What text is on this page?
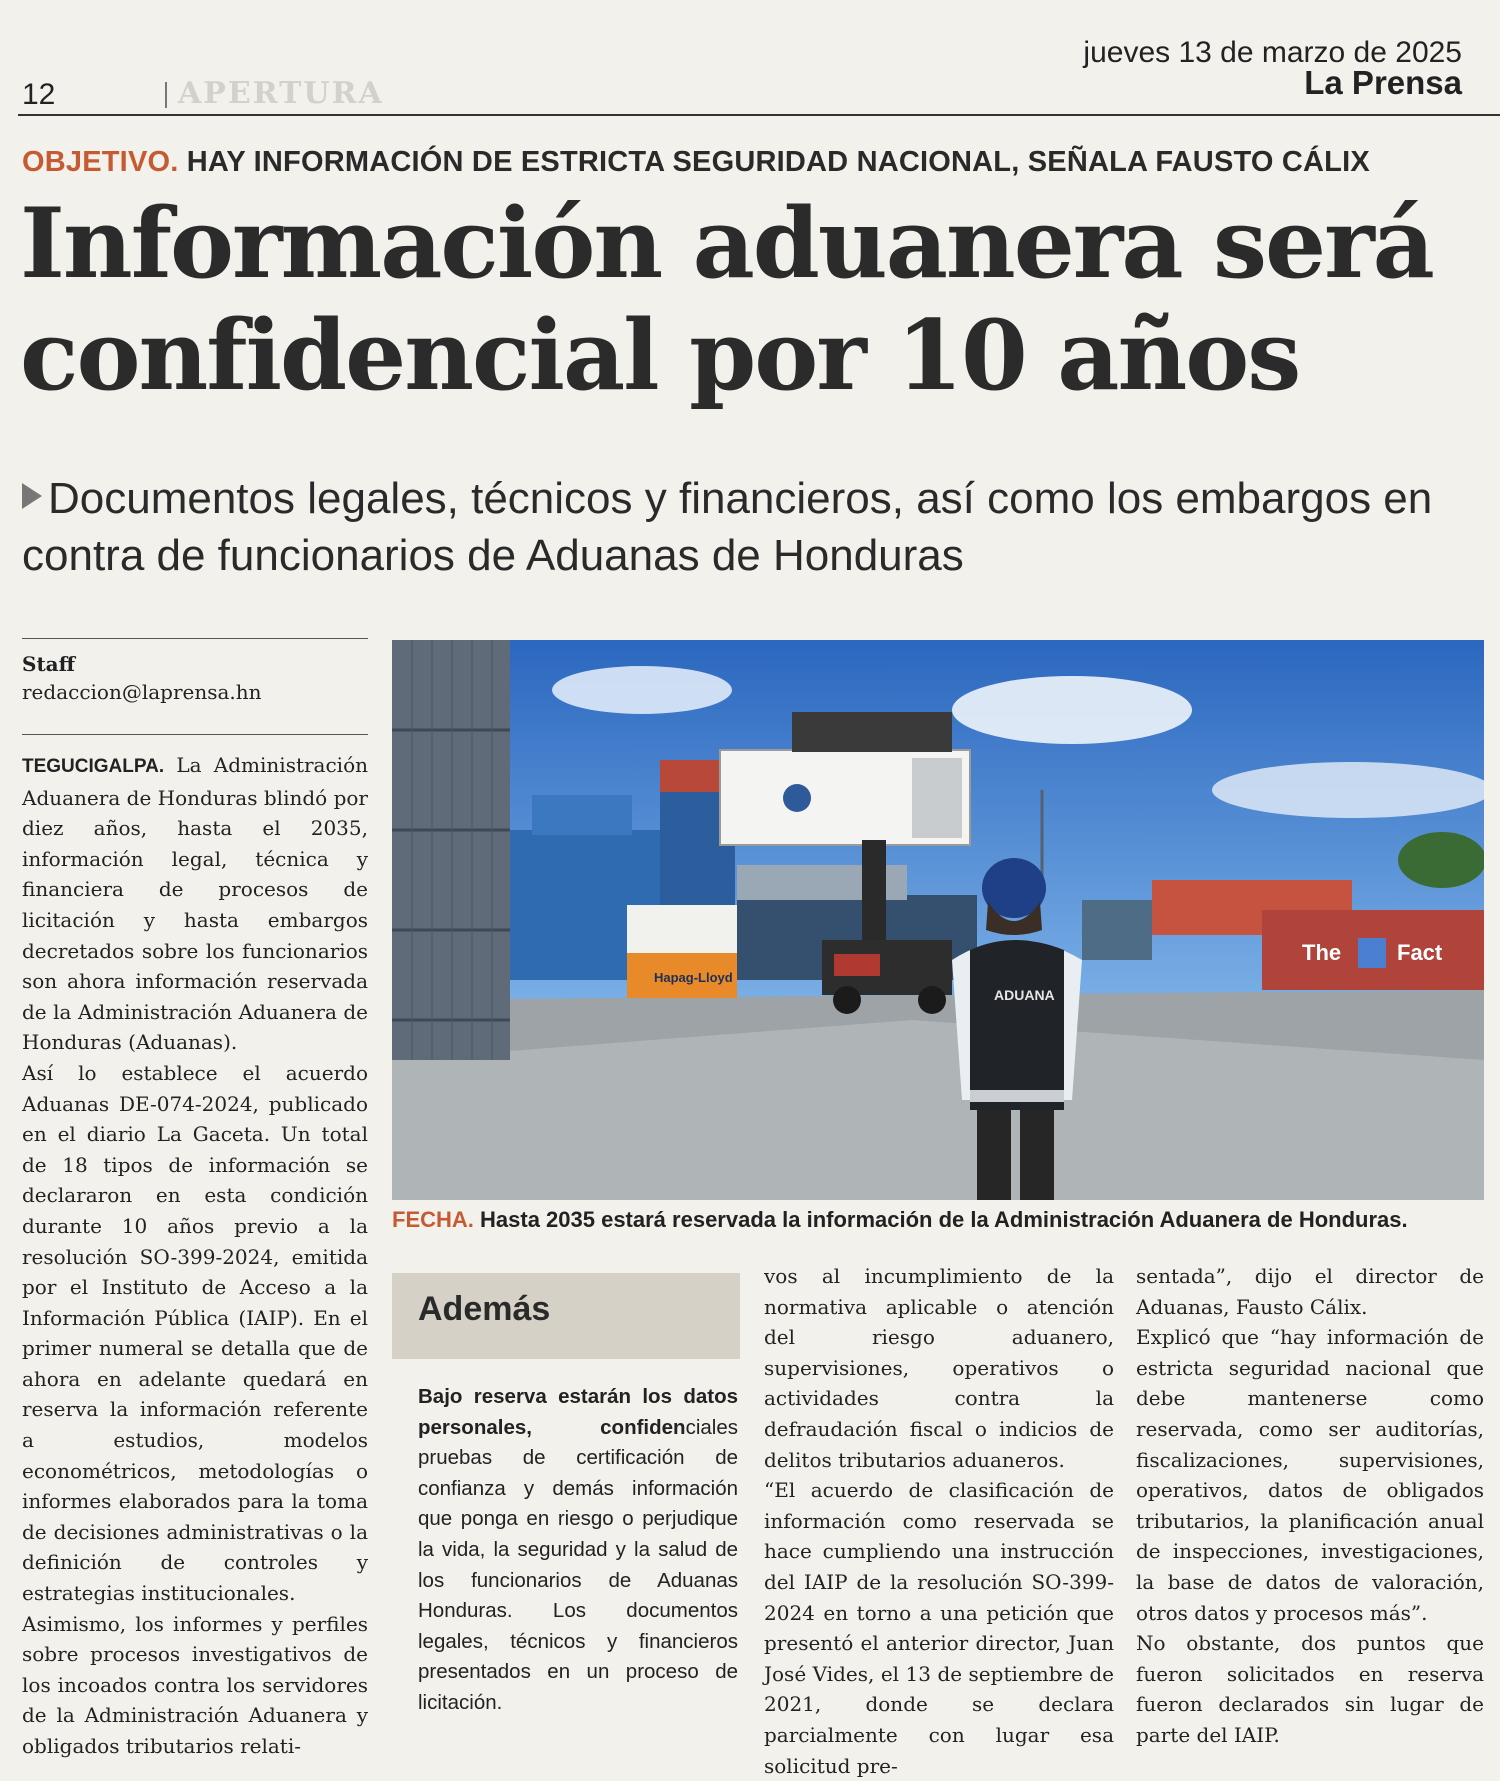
12	APERTURA
jueves 13 de marzo de 2025
La Prensa
OBJETIVO. HAY INFORMACIÓN DE ESTRICTA SEGURIDAD NACIONAL, SEÑALA FAUSTO CÁLIX
Información aduanera será confidencial por 10 años

Documentos legales, técnicos y financieros, así como los embargos en contra de funcionarios de Aduanas de Honduras

Staff
redaccion@laprensa.hn

TEGUCIGALPA. La Administración Aduanera de Honduras blindó por diez años, hasta el 2035, información legal, técnica y financiera de procesos de licitación y hasta embargos decretados sobre los funcionarios son ahora información reservada de la Administración Aduanera de Honduras (Aduanas).

Así lo establece el acuerdo Aduanas DE-074-2024, publicado en el diario La Gaceta. Un total de 18 tipos de información se declararon en esta condición durante 10 años previo a la resolución SO-399-2024, emitida por el Instituto de Acceso a la Información Pública (IAIP). En el primer numeral se detalla que de ahora en adelante quedará en reserva la información referente a estudios, modelos econométricos, metodologías o informes elaborados para la toma de decisiones administrativas o la definición de controles y estrategias institucionales.

Asimismo, los informes y perfiles sobre procesos investigativos de los incoados contra los servidores de la Administración Aduanera y obligados tributarios relati-

Hapag-Lloyd
The	Fact
ADUANA
FECHA. Hasta 2035 estará reservada la información de la Administración Aduanera de Honduras.
Además

Bajo reserva estarán los datos personales, confidenciales pruebas de certificación de confianza y demás información que ponga en riesgo o perjudique la vida, la seguridad y la salud de los funcionarios de Aduanas Honduras. Los documentos legales, técnicos y financieros presentados en un proceso de licitación.

vos al incumplimiento de la normativa aplicable o atención del riesgo aduanero, supervisiones, operativos o actividades contra la defraudación fiscal o indicios de delitos tributarios aduaneros.

“El acuerdo de clasificación de información como reservada se hace cumpliendo una instrucción del IAIP de la resolución SO-399-2024 en torno a una petición que presentó el anterior director, Juan José Vides, el 13 de septiembre de 2021, donde se declara parcialmente con lugar esa solicitud pre-

sentada”, dijo el director de Aduanas, Fausto Cálix.

Explicó que “hay información de estricta seguridad nacional que debe mantenerse como reservada, como ser auditorías, fiscalizaciones, supervisiones, operativos, datos de obligados tributarios, la planificación anual de inspecciones, investigaciones, la base de datos de valoración, otros datos y procesos más”.

No obstante, dos puntos que fueron solicitados en reserva fueron declarados sin lugar de parte del IAIP.
